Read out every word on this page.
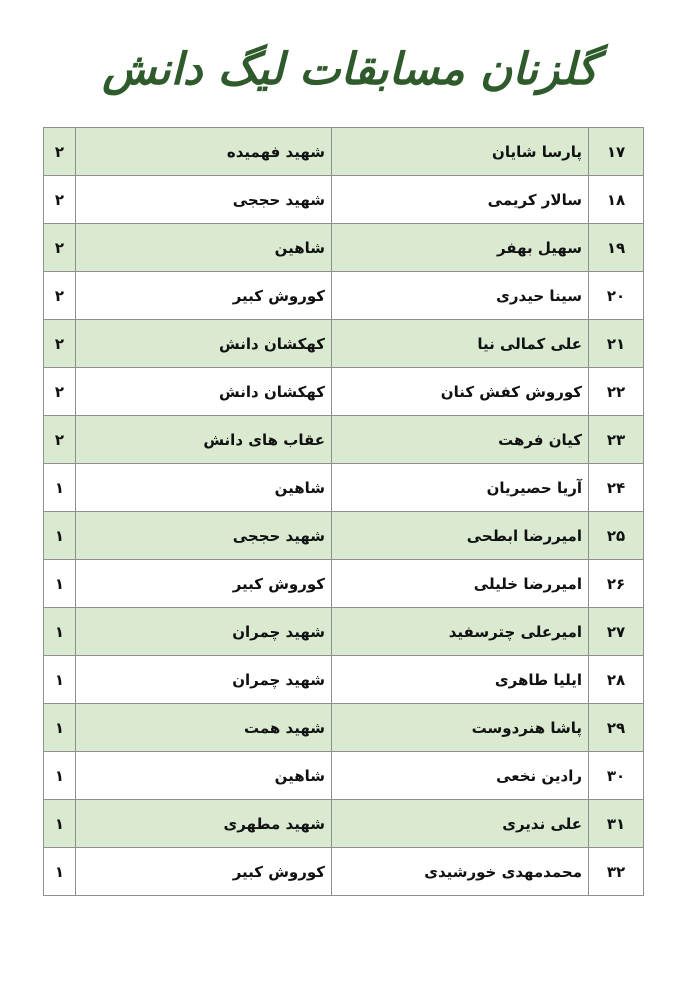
گلزنان مسابقات لیگ دانش
۱۷	پارسا شایان	شهید فهمیده	۲
۱۸	سالار کریمی	شهید حججی	۲
۱۹	سهیل بهفر	شاهین	۲
۲۰	سینا حیدری	کوروش کبیر	۲
۲۱	علی کمالی نیا	کهکشان دانش	۲
۲۲	کوروش کفش کنان	کهکشان دانش	۲
۲۳	کیان فرهت	عقاب های دانش	۲
۲۴	آریا حصیریان	شاهین	۱
۲۵	امیررضا ابطحی	شهید حججی	۱
۲۶	امیررضا خلیلی	کوروش کبیر	۱
۲۷	امیرعلی چترسفید	شهید چمران	۱
۲۸	ایلیا طاهری	شهید چمران	۱
۲۹	پاشا هنردوست	شهید همت	۱
۳۰	رادین نخعی	شاهین	۱
۳۱	علی ندیری	شهید مطهری	۱
۳۲	محمدمهدی خورشیدی	کوروش کبیر	۱
